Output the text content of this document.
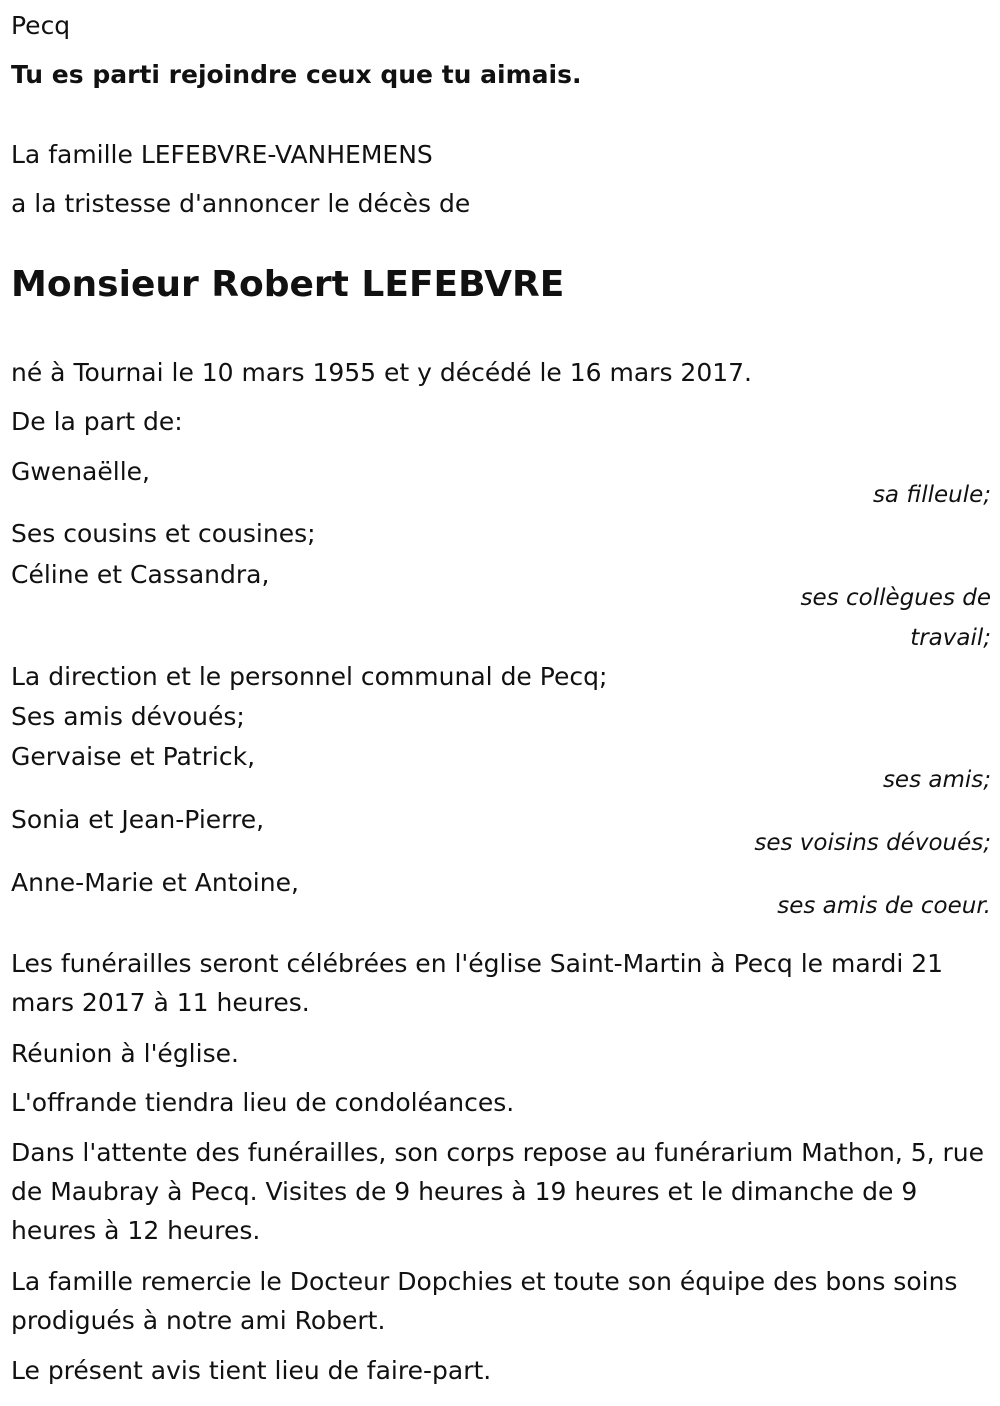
Pecq
Tu es parti rejoindre ceux que tu aimais.
La famille LEFEBVRE-VANHEMENS
a la tristesse d'annoncer le décès de
Monsieur Robert LEFEBVRE
né à Tournai le 10 mars 1955 et y décédé le 16 mars 2017.
De la part de:
Gwenaëlle,
sa filleule;
Ses cousins et cousines;
Céline et Cassandra,
ses collègues de
travail;
La direction et le personnel communal de Pecq;
Ses amis dévoués;
Gervaise et Patrick,
ses amis;
Sonia et Jean-Pierre,
ses voisins dévoués;
Anne-Marie et Antoine,
ses amis de coeur.
Les funérailles seront célébrées en l'église Saint-Martin à Pecq le mardi 21 mars 2017 à 11 heures.
Réunion à l'église.
L'offrande tiendra lieu de condoléances.
Dans l'attente des funérailles, son corps repose au funérarium Mathon, 5, rue de Maubray à Pecq. Visites de 9 heures à 19 heures et le dimanche de 9 heures à 12 heures.
La famille remercie le Docteur Dopchies et toute son équipe des bons soins prodigués à notre ami Robert.
Le présent avis tient lieu de faire-part.
